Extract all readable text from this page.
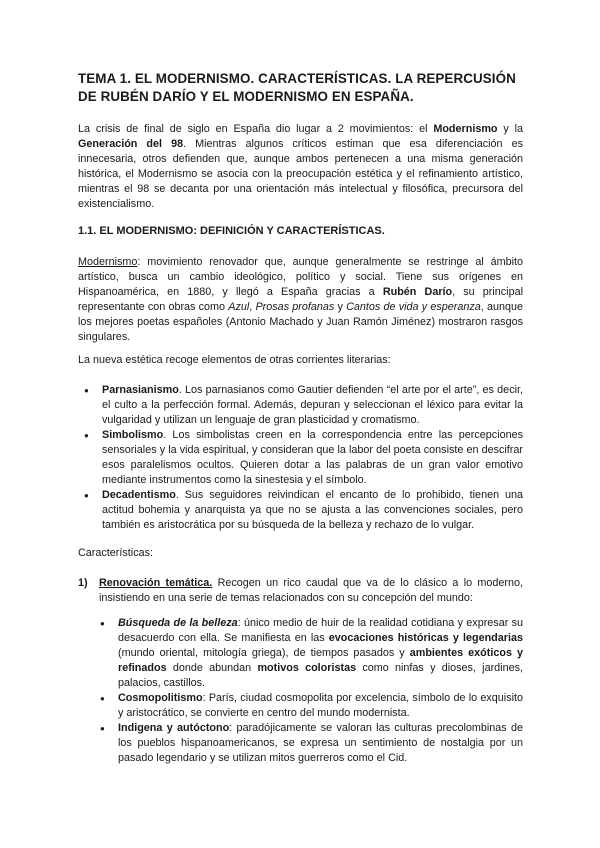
TEMA 1. EL MODERNISMO. CARACTERÍSTICAS. LA REPERCUSIÓN DE RUBÉN DARÍO Y EL MODERNISMO EN ESPAÑA.

La crisis de final de siglo en España dio lugar a 2 movimientos: el Modernismo y la Generación del 98. Mientras algunos críticos estiman que esa diferenciación es innecesaria, otros defienden que, aunque ambos pertenecen a una misma generación histórica, el Modernismo se asocia con la preocupación estética y el refinamiento artístico, mientras el 98 se decanta por una orientación más intelectual y filosófica, precursora del existencialismo.

1.1. EL MODERNISMO: DEFINICIÓN Y CARACTERÍSTICAS.

Modernismo: movimiento renovador que, aunque generalmente se restringe al ámbito artístico, busca un cambio ideológico, político y social. Tiene sus orígenes en Hispanoamérica, en 1880, y llegó a España gracias a Rubén Darío, su principal representante con obras como Azul, Prosas profanas y Cantos de vida y esperanza, aunque los mejores poetas españoles (Antonio Machado y Juan Ramón Jiménez) mostraron rasgos singulares.

La nueva estética recoge elementos de otras corrientes literarias:

● Parnasianismo. Los parnasianos como Gautier defienden “el arte por el arte”, es decir, el culto a la perfección formal. Además, depuran y seleccionan el léxico para evitar la vulgaridad y utilizan un lenguaje de gran plasticidad y cromatismo.
● Simbolismo. Los simbolistas creen en la correspondencia entre las percepciones sensoriales y la vida espiritual, y consideran que la labor del poeta consiste en descifrar esos paralelismos ocultos. Quieren dotar a las palabras de un gran valor emotivo mediante instrumentos como la sinestesia y el símbolo.
● Decadentismo. Sus seguidores reivindican el encanto de lo prohibido, tienen una actitud bohemia y anarquista ya que no se ajusta a las convenciones sociales, pero también es aristocrática por su búsqueda de la belleza y rechazo de lo vulgar.

Características:

1) Renovación temática. Recogen un rico caudal que va de lo clásico a lo moderno, insistiendo en una serie de temas relacionados con su concepción del mundo:

● Búsqueda de la belleza: único medio de huir de la realidad cotidiana y expresar su desacuerdo con ella. Se manifiesta en las evocaciones históricas y legendarias (mundo oriental, mitología griega), de tiempos pasados y ambientes exóticos y refinados donde abundan motivos coloristas como ninfas y dioses, jardines, palacios, castillos.
● Cosmopolitismo: París, ciudad cosmopolita por excelencia, símbolo de lo exquisito y aristocrático, se convierte en centro del mundo modernista.
● Indigena y autóctono: paradójicamente se valoran las culturas precolombinas de los pueblos hispanoamericanos, se expresa un sentimiento de nostalgia por un pasado legendario y se utilizan mitos guerreros como el Cid.
